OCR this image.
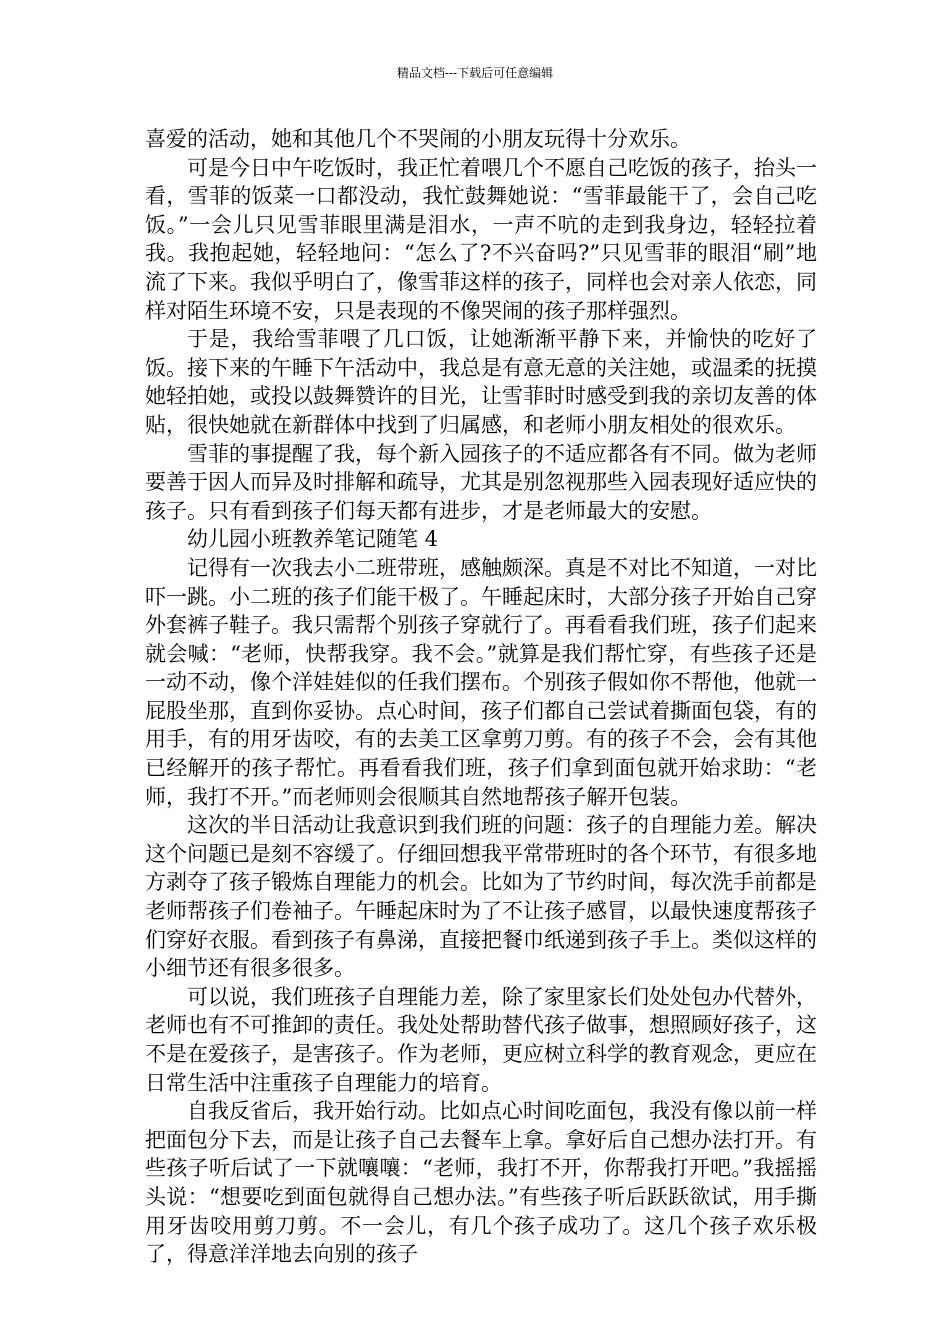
精品文档---下载后可任意编辑

喜爱的活动，她和其他几个不哭闹的小朋友玩得十分欢乐。

可是今日中午吃饭时，我正忙着喂几个不愿自己吃饭的孩子，抬头一看，雪菲的饭菜一口都没动，我忙鼓舞她说：“雪菲最能干了，会自己吃饭。”一会儿只见雪菲眼里满是泪水，一声不吭的走到我身边，轻轻拉着我。我抱起她，轻轻地问：“怎么了?不兴奋吗?”只见雪菲的眼泪“刷”地流了下来。我似乎明白了，像雪菲这样的孩子，同样也会对亲人依恋，同样对陌生环境不安，只是表现的不像哭闹的孩子那样强烈。

于是，我给雪菲喂了几口饭，让她渐渐平静下来，并愉快的吃好了饭。接下来的午睡下午活动中，我总是有意无意的关注她，或温柔的抚摸她轻拍她，或投以鼓舞赞许的目光，让雪菲时时感受到我的亲切友善的体贴，很快她就在新群体中找到了归属感，和老师小朋友相处的很欢乐。

雪菲的事提醒了我，每个新入园孩子的不适应都各有不同。做为老师要善于因人而异及时排解和疏导，尤其是别忽视那些入园表现好适应快的孩子。只有看到孩子们每天都有进步，才是老师最大的安慰。

幼儿园小班教养笔记随笔 4

记得有一次我去小二班带班，感触颇深。真是不对比不知道，一对比吓一跳。小二班的孩子们能干极了。午睡起床时，大部分孩子开始自己穿外套裤子鞋子。我只需帮个别孩子穿就行了。再看看我们班，孩子们起来就会喊：“老师，快帮我穿。我不会。”就算是我们帮忙穿，有些孩子还是一动不动，像个洋娃娃似的任我们摆布。个别孩子假如你不帮他，他就一屁股坐那，直到你妥协。点心时间，孩子们都自己尝试着撕面包袋，有的用手，有的用牙齿咬，有的去美工区拿剪刀剪。有的孩子不会，会有其他已经解开的孩子帮忙。再看看我们班，孩子们拿到面包就开始求助：“老师，我打不开。”而老师则会很顺其自然地帮孩子解开包装。

这次的半日活动让我意识到我们班的问题：孩子的自理能力差。解决这个问题已是刻不容缓了。仔细回想我平常带班时的各个环节，有很多地方剥夺了孩子锻炼自理能力的机会。比如为了节约时间，每次洗手前都是老师帮孩子们卷袖子。午睡起床时为了不让孩子感冒，以最快速度帮孩子们穿好衣服。看到孩子有鼻涕，直接把餐巾纸递到孩子手上。类似这样的小细节还有很多很多。

可以说，我们班孩子自理能力差，除了家里家长们处处包办代替外，老师也有不可推卸的责任。我处处帮助替代孩子做事，想照顾好孩子，这不是在爱孩子，是害孩子。作为老师，更应树立科学的教育观念，更应在日常生活中注重孩子自理能力的培育。

自我反省后，我开始行动。比如点心时间吃面包，我没有像以前一样把面包分下去，而是让孩子自己去餐车上拿。拿好后自己想办法打开。有些孩子听后试了一下就嚷嚷：“老师，我打不开，你帮我打开吧。”我摇摇头说：“想要吃到面包就得自己想办法。”有些孩子听后跃跃欲试，用手撕用牙齿咬用剪刀剪。不一会儿，有几个孩子成功了。这几个孩子欢乐极了，得意洋洋地去向别的孩子
